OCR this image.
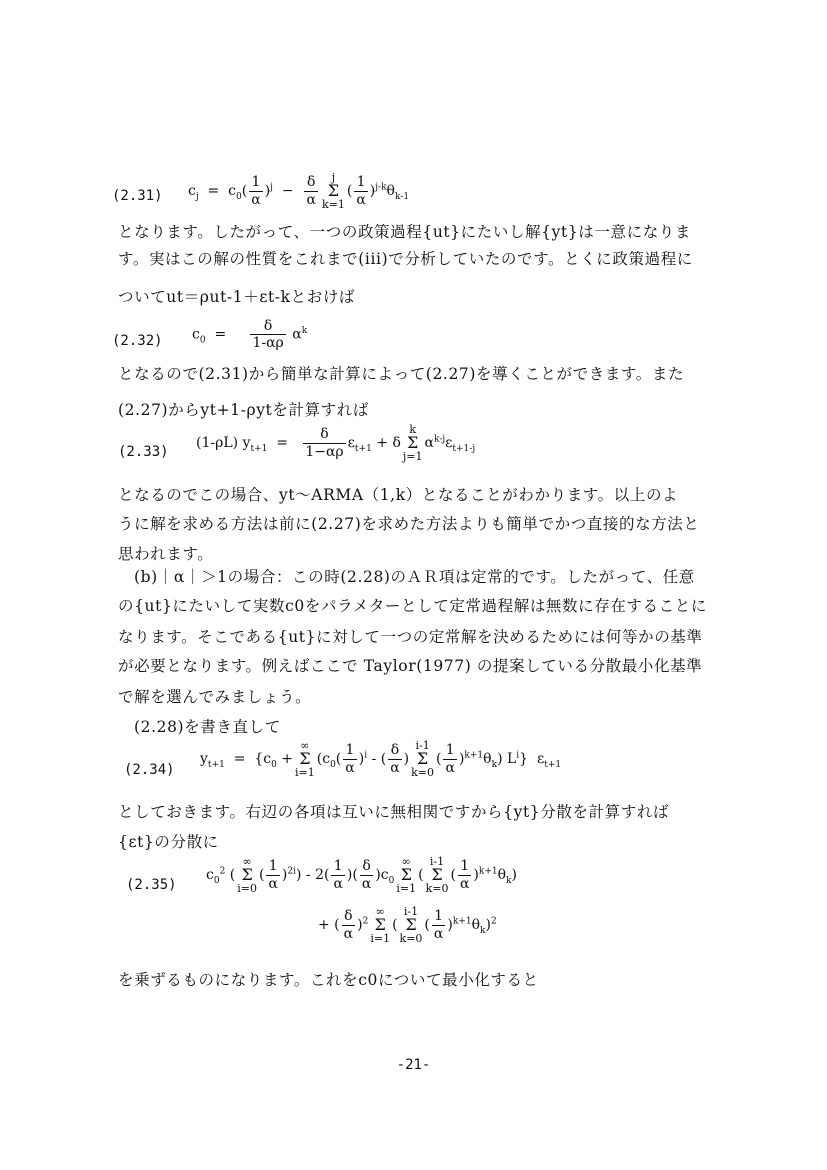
(2.31) $c_j = c_0( \frac{1}{\alpha} )^j - \frac{\delta}{\alpha}$	j
Σ
k=1
( $\frac{1}{\alpha} )^{j-k}\theta_{k-1}$
となります。したがって、一つの政策過程{ut}にたいし解{yt}は一意になりま
す。実はこの解の性質をこれまで(iii)で分析していたのです。とくに政策過程に
ついてut＝ρut-1＋εt-kとおけば
(2.32) $c_0 = \frac{\delta}{1-\alpha\rho} \alpha^k$
となるので(2.31)から簡単な計算によって(2.27)を導くことができます。また
(2.27)からyt+1-ρytを計算すれば
(2.33)
(1-ρL) $y_{t+1} = \frac{\delta}{1-\alpha\rho} \varepsilon_{t+1} + \delta$
k
Σ
j=1
$\alpha^{k-j}\varepsilon_{t+1-j}$
となるのでこの場合、yt～ARMA（1,k）となることがわかります。以上のよ
うに解を求める方法は前に(2.27)を求めた方法よりも簡単でかつ直接的な方法と
思われます。
(b)｜α｜＞1の場合：この時(2.28)のＡＲ項は定常的です。したがって、任意
の{ut}にたいして実数c0をパラメターとして定常過程解は無数に存在することに
なります。そこである{ut}に対して一つの定常解を決めるためには何等かの基準
が必要となります。例えばここで Taylor(1977) の提案している分散最小化基準
で解を選んでみましょう。
(2.28)を書き直して
(2.34)
$y_{t+1} = \{c_0$ +
∞
Σ
i=1
($c_0( \frac{1}{\alpha} )^i$ - ( $\frac{\delta}{\alpha}$ )
i-1
Σ
k=0
( $\frac{1}{\alpha} )^{k+1}\theta_k$) $L^i$}  $\varepsilon_{t+1}$
としておきます。右辺の各項は互いに無相関ですから{yt}分散を計算すれば
{εt}の分散に
(2.35)
$c_0^2$ (
∞
Σ
i=0
( $\frac{1}{\alpha} )^{2i}) - 2( \frac{1}{\alpha}$ )( $\frac{\delta}{\alpha} )c_0$
∞
Σ
i=1
(
i-1
Σ
k=0
( $\frac{1}{\alpha} )^{k+1}\theta_k$)
+ ( $\frac{\delta}{\alpha} )^2$
∞
Σ
i=1
(
i-1
Σ
k=0
( $\frac{1}{\alpha} )^{k+1}\theta_k)^2$
を乗ずるものになります。これをc0について最小化すると
-21-
